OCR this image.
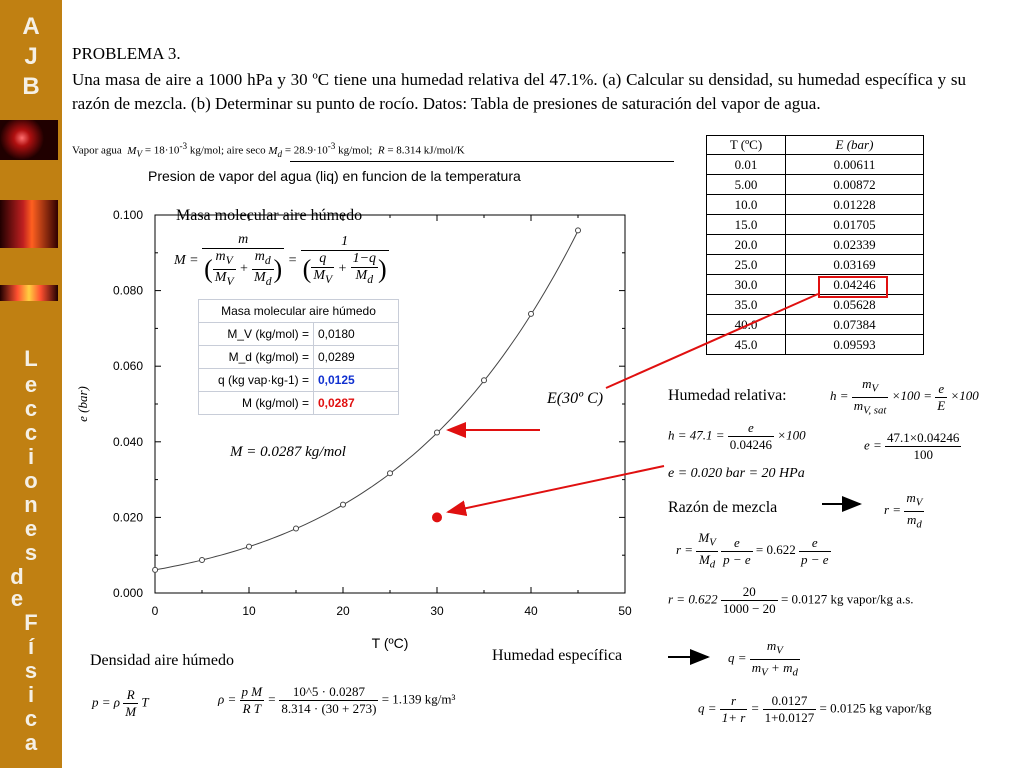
A
J
B
L
e
c
c
i
o
n
e
s
d
e
F
í
s
i
c
a
PROBLEMA 3.
Una masa de aire a 1000 hPa y 30 ºC tiene una humedad relativa del 47.1%. (a) Calcular su densidad, su humedad específica y su razón de mezcla. (b) Determinar su punto de rocío. Datos: Tabla de presiones de saturación del vapor de agua.
Vapor agua  $M_V = 18\cdot 10^{-3}$ kg/mol; aire seco $M_d = 28.9\cdot 10^{-3}$ kg/mol;  R = 8.314 kJ/mol/K	T (ºC)	E (bar)
0.01	0.00611
5.00	0.00872
10.0	0.01228
15.0	0.01705
20.0	0.02339
25.0	0.03169
30.0	0.04246
35.0	0.05628
40.0	0.07384
45.0	0.09593
Presion de vapor del agua (liq) en funcion de la temperatura
0	10	20	30	40	50
0.000
0.020
0.040
0.060
0.080
0.100
T (ºC)
e (bar)
Masa molecular aire húmedo
$M = \frac{m}{( \frac{m_V}{M_V} + \frac{m_d}{M_d} )} = \frac{1}{( \frac{q}{M_V} + \frac{1-q}{M_d} )}$
Masa molecular aire húmedo	
M_V (kg/mol) =	0,0180
M_d (kg/mol) =	0,0289
q (kg vap·kg-1) =	0,0125
M (kg/mol) =	0,0287
M = 0.0287 kg/mol
E(30º C)	Humedad relativa:	$h = \frac{m_V}{m_{V, sat}} \times 100 = \frac{e}{E} \times 100$
$h = 47.1 = \frac{e}{0.04246} \times 100$
$e = \frac{47.1\times 0.04246}{100}$
e = 0.020 bar = 20 HPa
Razón de mezcla	$r = \frac{m_V}{m_d}$
$r = \frac{M_V}{M_d}$
$\frac{e}{p - e} = 0.622 \frac{e}{p - e}$
$r = 0.622 \frac{20}{1000 - 20} = 0.0127$ kg vapor/kg a.s.
Humedad específica	$q = \frac{m_V}{m_V + m_d}$
$q = \frac{r}{1+ r} = \frac{0.0127}{1+0.0127} = 0.0125$ kg vapor/kg
Densidad aire húmedo
p = ρ $\frac{R}{M}$ T	$\rho = \frac{\text{p M}}{\text{R T}} = \frac{10\^{}5 \cdot 0.0287}{8.314 \cdot (30 + 273)} = 1.139$ kg/m³
